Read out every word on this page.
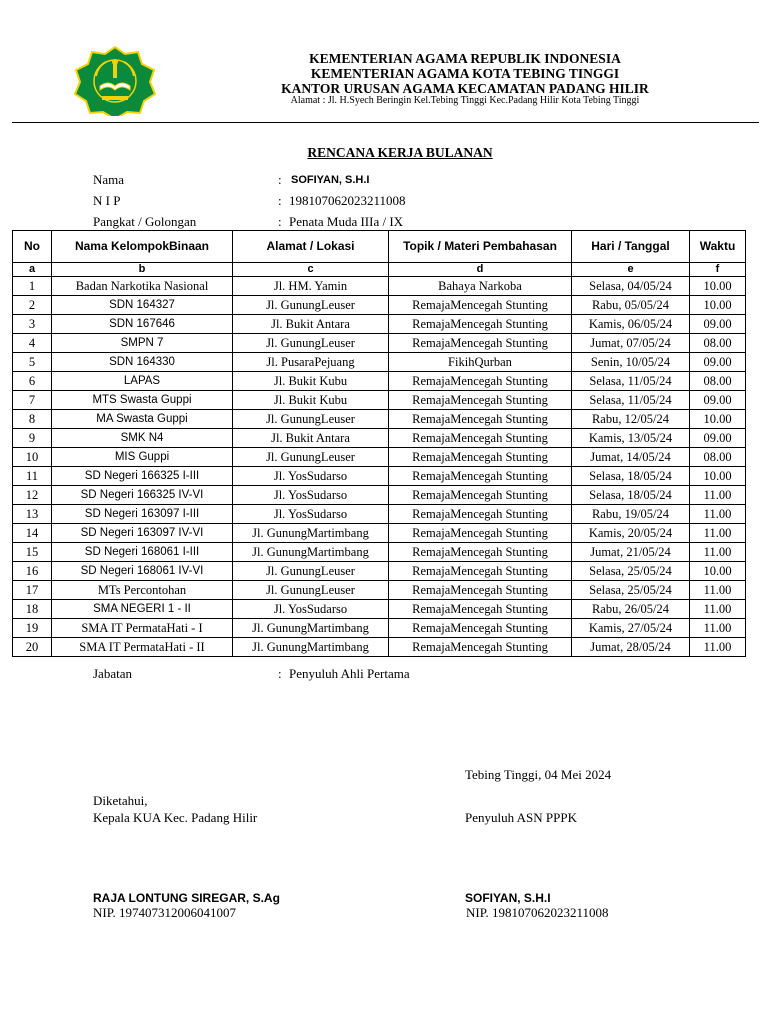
KEMENTERIAN AGAMA REPUBLIK INDONESIA
KEMENTERIAN AGAMA KOTA TEBING TINGGI
KANTOR URUSAN AGAMA KECAMATAN PADANG HILIR
Alamat : Jl. H.Syech Beringin Kel.Tebing Tinggi Kec.Padang Hilir Kota Tebing Tinggi
RENCANA KERJA BULANAN
Nama	: SOFIYAN, S.H.I
N I P	: 198107062023211008
Pangkat / Golongan	: Penata Muda IIIa / IX
No	Nama KelompokBinaan	Alamat / Lokasi	Topik / Materi Pembahasan	Hari / Tanggal	Waktu
a	b	c	d	e	f
1	Badan Narkotika Nasional	Jl. HM. Yamin	Bahaya Narkoba	Selasa, 04/05/24	10.00
2	SDN 164327	Jl. GunungLeuser	RemajaMencegah Stunting	Rabu, 05/05/24	10.00
3	SDN 167646	Jl. Bukit Antara	RemajaMencegah Stunting	Kamis, 06/05/24	09.00
4	SMPN 7	Jl. GunungLeuser	RemajaMencegah Stunting	Jumat, 07/05/24	08.00
5	SDN 164330	Jl. PusaraPejuang	FikihQurban	Senin, 10/05/24	09.00
6	LAPAS	Jl. Bukit Kubu	RemajaMencegah Stunting	Selasa, 11/05/24	08.00
7	MTS Swasta Guppi	Jl. Bukit Kubu	RemajaMencegah Stunting	Selasa, 11/05/24	09.00
8	MA Swasta Guppi	Jl. GunungLeuser	RemajaMencegah Stunting	Rabu, 12/05/24	10.00
9	SMK N4	Jl. Bukit Antara	RemajaMencegah Stunting	Kamis, 13/05/24	09.00
10	MIS Guppi	Jl. GunungLeuser	RemajaMencegah Stunting	Jumat, 14/05/24	08.00
11	SD Negeri 166325 I-III	Jl. YosSudarso	RemajaMencegah Stunting	Selasa, 18/05/24	10.00
12	SD Negeri 166325 IV-VI	Jl. YosSudarso	RemajaMencegah Stunting	Selasa, 18/05/24	11.00
13	SD Negeri 163097 I-III	Jl. YosSudarso	RemajaMencegah Stunting	Rabu, 19/05/24	11.00
14	SD Negeri 163097 IV-VI	Jl. GunungMartimbang	RemajaMencegah Stunting	Kamis, 20/05/24	11.00
15	SD Negeri 168061 I-III	Jl. GunungMartimbang	RemajaMencegah Stunting	Jumat, 21/05/24	11.00
16	SD Negeri 168061 IV-VI	Jl. GunungLeuser	RemajaMencegah Stunting	Selasa, 25/05/24	10.00
17	MTs Percontohan	Jl. GunungLeuser	RemajaMencegah Stunting	Selasa, 25/05/24	11.00
18	SMA NEGERI 1 - II	Jl. YosSudarso	RemajaMencegah Stunting	Rabu, 26/05/24	11.00
19	SMA IT PermataHati - I	Jl. GunungMartimbang	RemajaMencegah Stunting	Kamis, 27/05/24	11.00
20	SMA IT PermataHati - II	Jl. GunungMartimbang	RemajaMencegah Stunting	Jumat, 28/05/24	11.00
Jabatan	: Penyuluh Ahli Pertama
Tebing Tinggi, 04 Mei 2024
Diketahui,
Kepala KUA Kec. Padang Hilir	Penyuluh ASN PPPK
RAJA LONTUNG SIREGAR, S.Ag
NIP. 197407312006041007
SOFIYAN, S.H.I
NIP. 198107062023211008
